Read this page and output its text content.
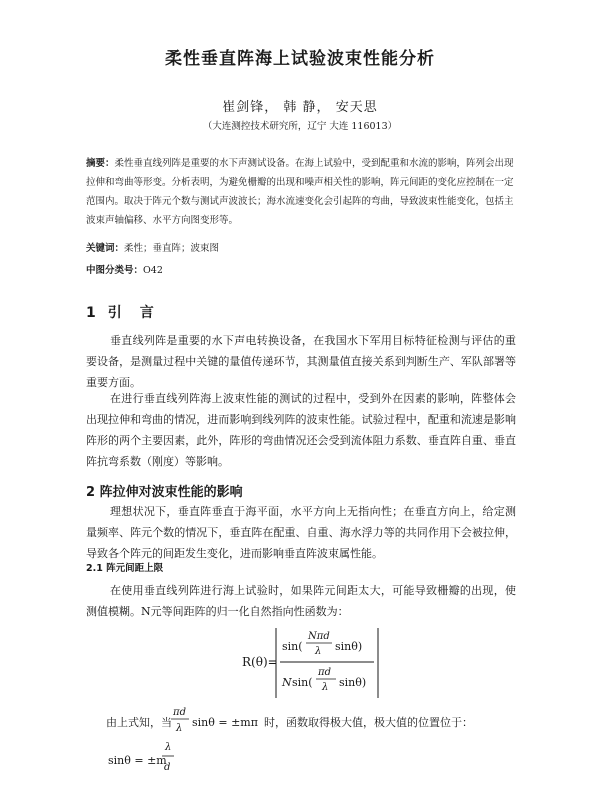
柔性垂直阵海上试验波束性能分析
崔剑锋， 韩 静， 安天思
（大连测控技术研究所，辽宁 大连 116013）

摘要：柔性垂直线列阵是重要的水下声测试设备。在海上试验中，受到配重和水流的影响，阵列会出现拉伸和弯曲等形变。分析表明，为避免栅瓣的出现和噪声相关性的影响，阵元间距的变化应控制在一定范围内。取决于阵元个数与测试声波波长；海水流速变化会引起阵的弯曲，导致波束性能变化，包括主波束声轴偏移、水平方向图变形等。

关键词：柔性；垂直阵；波束图
中图分类号：O42
1 引言

垂直线列阵是重要的水下声电转换设备，在我国水下军用目标特征检测与评估的重要设备，是测量过程中关键的量值传递环节，其测量值直接关系到判断生产、军队部署等重要方面。

在进行垂直线列阵海上波束性能的测试的过程中，受到外在因素的影响，阵整体会出现拉伸和弯曲的情况，进而影响到线列阵的波束性能。试验过程中，配重和流速是影响阵形的两个主要因素，此外，阵形的弯曲情况还会受到流体阻力系数、垂直阵自重、垂直阵抗弯系数（刚度）等影响。

2 阵拉伸对波束性能的影响

理想状况下，垂直阵垂直于海平面，水平方向上无指向性；在垂直方向上，给定测量频率、阵元个数的情况下，垂直阵在配重、自重、海水浮力等的共同作用下会被拉伸，导致各个阵元的间距发生变化，进而影响垂直阵波束属性能。

2.1 阵元间距上限

在使用垂直线列阵进行海上试验时，如果阵元间距太大，可能导致栅瓣的出现，使测值模糊。N元等间距阵的归一化自然指向性函数为：

R(θ)=
sin(
Nπd
λ sinθ)
N sin(
πd
λ sinθ)
由上式知，当
πd
λ sinθ = ±mπ 时，函数取得极大值，极大值的位置位于：
sinθ = ±m
λ
d
